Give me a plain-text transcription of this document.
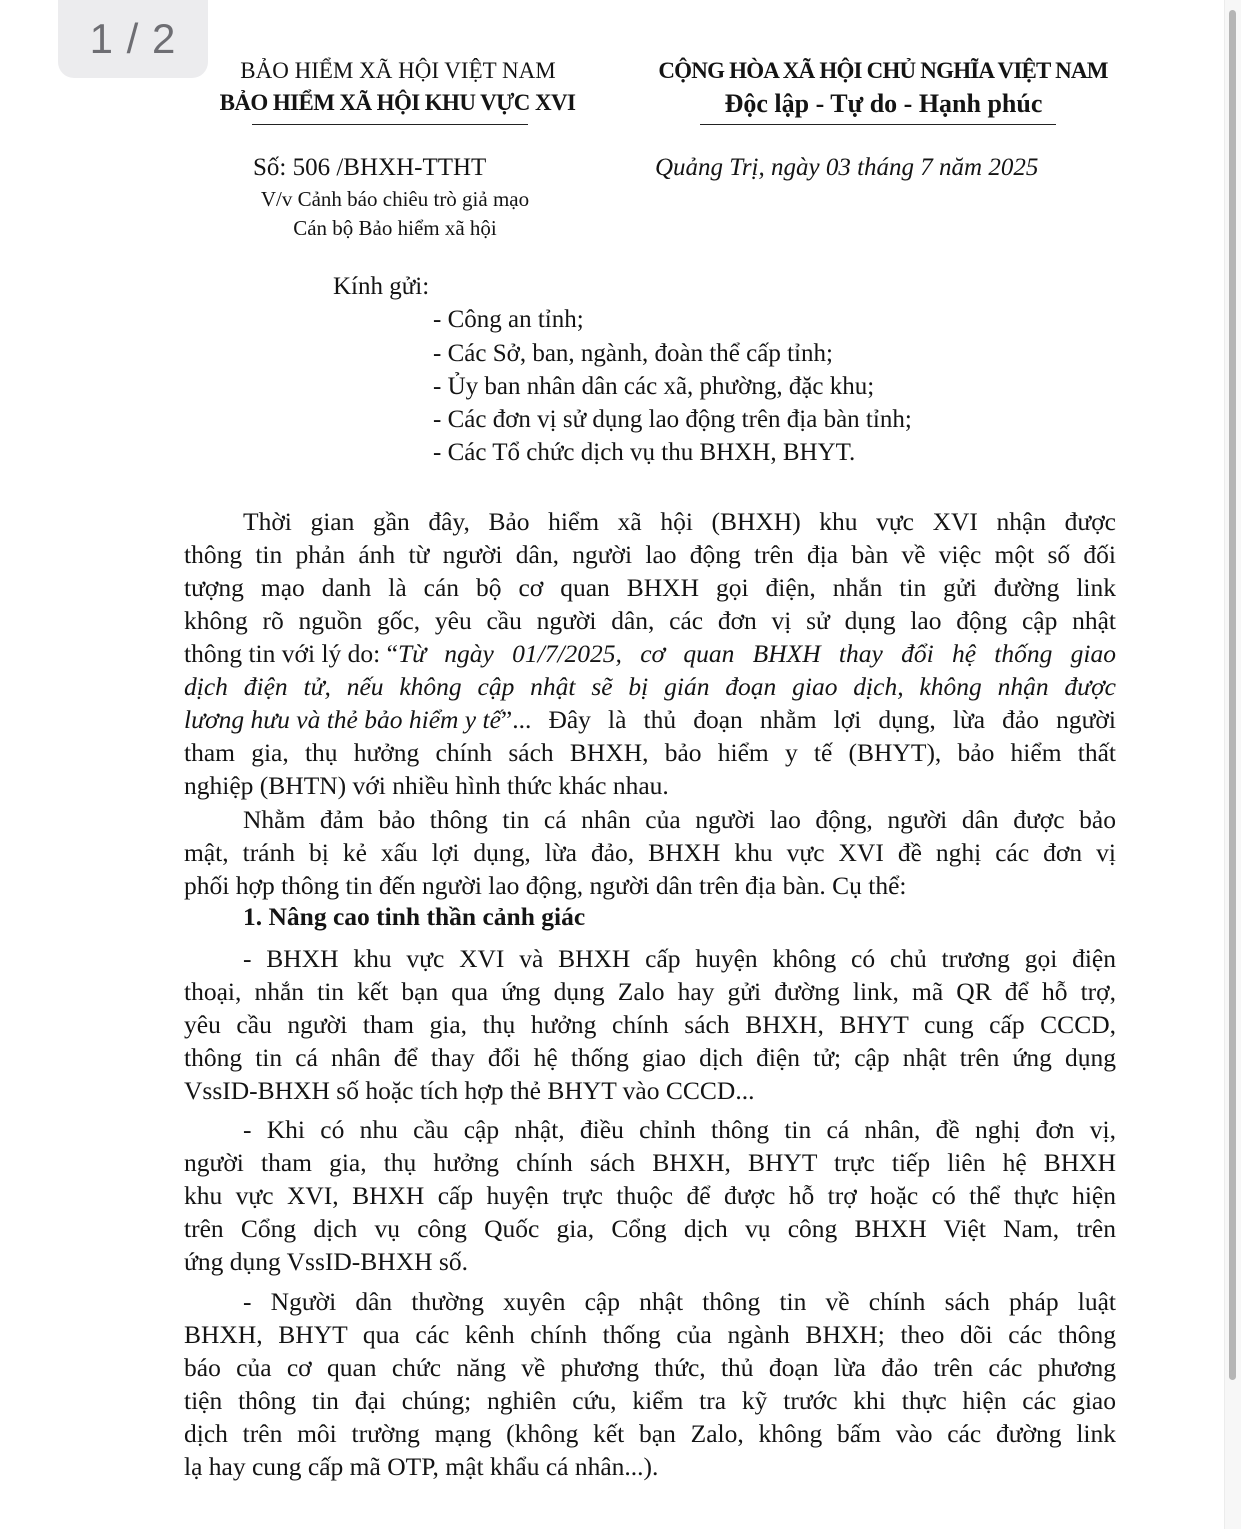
1 / 2
BẢO HIỂM XÃ HỘI VIỆT NAM
BẢO HIỂM XÃ HỘI KHU VỰC XVI
CỘNG HÒA XÃ HỘI CHỦ NGHĨA VIỆT NAM
Độc lập - Tự do - Hạnh phúc
Số: 506 /BHXH-TTHT	Quảng Trị, ngày 03 tháng 7 năm 2025
V/v Cảnh báo chiêu trò giả mạo
Cán bộ Bảo hiểm xã hội
Kính gửi:
- Công an tỉnh;
- Các Sở, ban, ngành, đoàn thể cấp tỉnh;
- Ủy ban nhân dân các xã, phường, đặc khu;
- Các đơn vị sử dụng lao động trên địa bàn tỉnh;
- Các Tổ chức dịch vụ thu BHXH, BHYT.
Thời gian gần đây, Bảo hiểm xã hội (BHXH) khu vực XVI nhận được
thông tin phản ánh từ người dân, người lao động trên địa bàn về việc một số đối
tượng mạo danh là cán bộ cơ quan BHXH gọi điện, nhắn tin gửi đường link
không rõ nguồn gốc, yêu cầu người dân, các đơn vị sử dụng lao động cập nhật
thông tin với lý do: “ Từ ngày 01/7/2025, cơ quan BHXH thay đổi hệ thống giao
dịch điện tử, nếu không cập nhật sẽ bị gián đoạn giao dịch, không nhận được
lương hưu và thẻ bảo hiểm y tế ”... Đây là thủ đoạn nhằm lợi dụng, lừa đảo người
tham gia, thụ hưởng chính sách BHXH, bảo hiểm y tế (BHYT), bảo hiểm thất
nghiệp (BHTN) với nhiều hình thức khác nhau.
Nhằm đảm bảo thông tin cá nhân của người lao động, người dân được bảo
mật, tránh bị kẻ xấu lợi dụng, lừa đảo, BHXH khu vực XVI đề nghị các đơn vị
phối hợp thông tin đến người lao động, người dân trên địa bàn. Cụ thể:
1. Nâng cao tinh thần cảnh giác
- BHXH khu vực XVI và BHXH cấp huyện không có chủ trương gọi điện
thoại, nhắn tin kết bạn qua ứng dụng Zalo hay gửi đường link, mã QR để hỗ trợ,
yêu cầu người tham gia, thụ hưởng chính sách BHXH, BHYT cung cấp CCCD,
thông tin cá nhân để thay đổi hệ thống giao dịch điện tử; cập nhật trên ứng dụng
VssID-BHXH số hoặc tích hợp thẻ BHYT vào CCCD...
- Khi có nhu cầu cập nhật, điều chỉnh thông tin cá nhân, đề nghị đơn vị,
người tham gia, thụ hưởng chính sách BHXH, BHYT trực tiếp liên hệ BHXH
khu vực XVI, BHXH cấp huyện trực thuộc để được hỗ trợ hoặc có thể thực hiện
trên Cổng dịch vụ công Quốc gia, Cổng dịch vụ công BHXH Việt Nam, trên
ứng dụng VssID-BHXH số.
- Người dân thường xuyên cập nhật thông tin về chính sách pháp luật
BHXH, BHYT qua các kênh chính thống của ngành BHXH; theo dõi các thông
báo của cơ quan chức năng về phương thức, thủ đoạn lừa đảo trên các phương
tiện thông tin đại chúng; nghiên cứu, kiểm tra kỹ trước khi thực hiện các giao
dịch trên môi trường mạng (không kết bạn Zalo, không bấm vào các đường link
lạ hay cung cấp mã OTP, mật khẩu cá nhân...).
